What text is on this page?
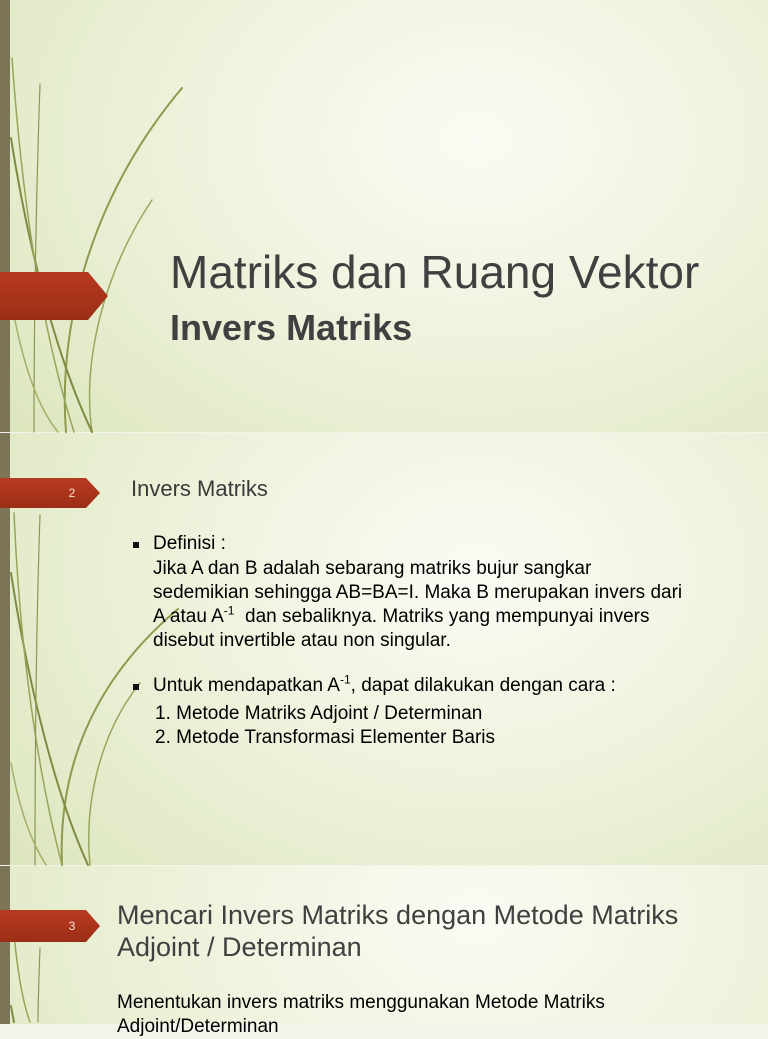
Matriks dan Ruang Vektor
Invers Matriks
2	Invers Matriks
Definisi :
Jika A dan B adalah sebarang matriks bujur sangkar
sedemikian sehingga AB=BA=I. Maka B merupakan invers dari
A atau $A^{-1}$  dan sebaliknya. Matriks yang mempunyai invers
disebut invertible atau non singular.
Untuk mendapatkan $A^{-1}$, dapat dilakukan dengan cara :
1. Metode Matriks Adjoint / Determinan
2. Metode Transformasi Elementer Baris
3 Mencari Invers Matriks dengan Metode Matriks
Adjoint / Determinan
Menentukan invers matriks menggunakan Metode Matriks
Adjoint/Determinan
